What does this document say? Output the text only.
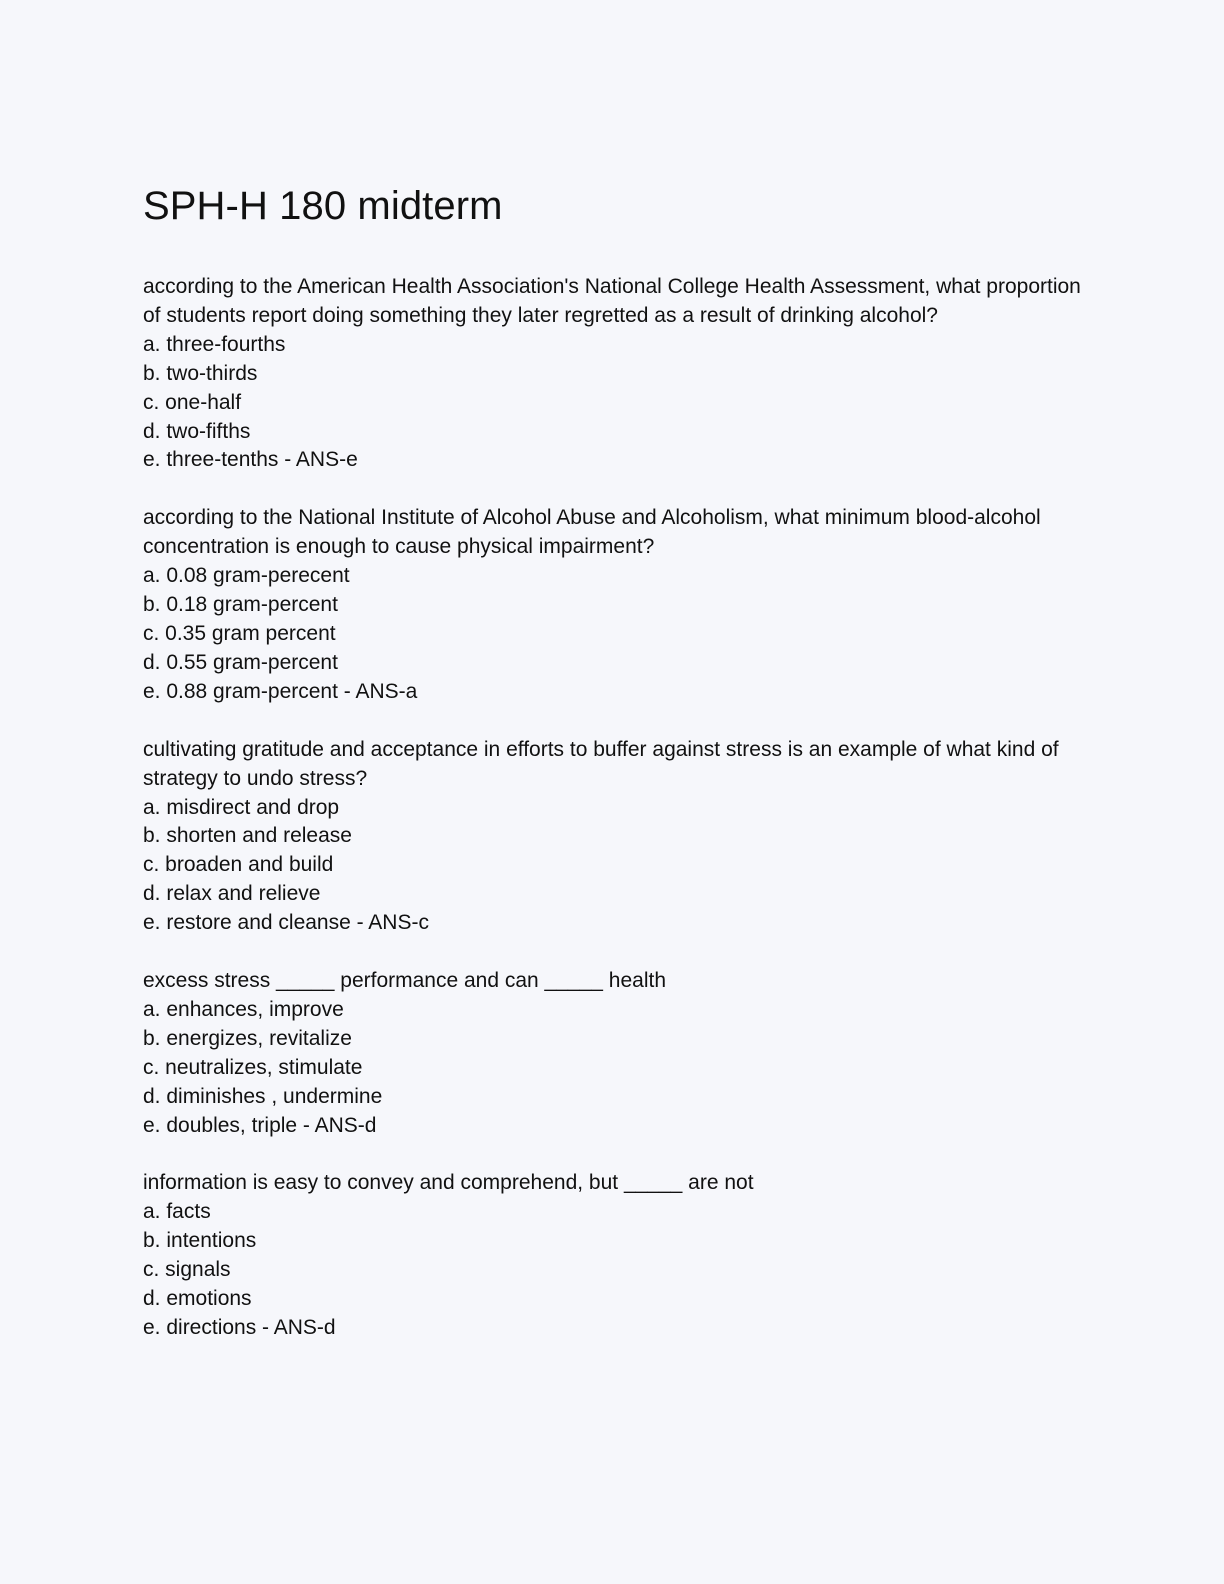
SPH-H 180 midterm

according to the American Health Association's National College Health Assessment, what proportion of students report doing something they later regretted as a result of drinking alcohol?

a. three-fourths

b. two-thirds

c. one-half

d. two-fifths

e. three-tenths - ANS-e

according to the National Institute of Alcohol Abuse and Alcoholism, what minimum blood-alcohol concentration is enough to cause physical impairment?

a. 0.08 gram-perecent

b. 0.18 gram-percent

c. 0.35 gram percent

d. 0.55 gram-percent

e. 0.88 gram-percent - ANS-a

cultivating gratitude and acceptance in efforts to buffer against stress is an example of what kind of strategy to undo stress?

a. misdirect and drop

b. shorten and release

c. broaden and build

d. relax and relieve

e. restore and cleanse - ANS-c

excess stress _____ performance and can _____ health

a. enhances, improve

b. energizes, revitalize

c. neutralizes, stimulate

d. diminishes , undermine

e. doubles, triple - ANS-d

information is easy to convey and comprehend, but _____ are not

a. facts

b. intentions

c. signals

d. emotions

e. directions - ANS-d
